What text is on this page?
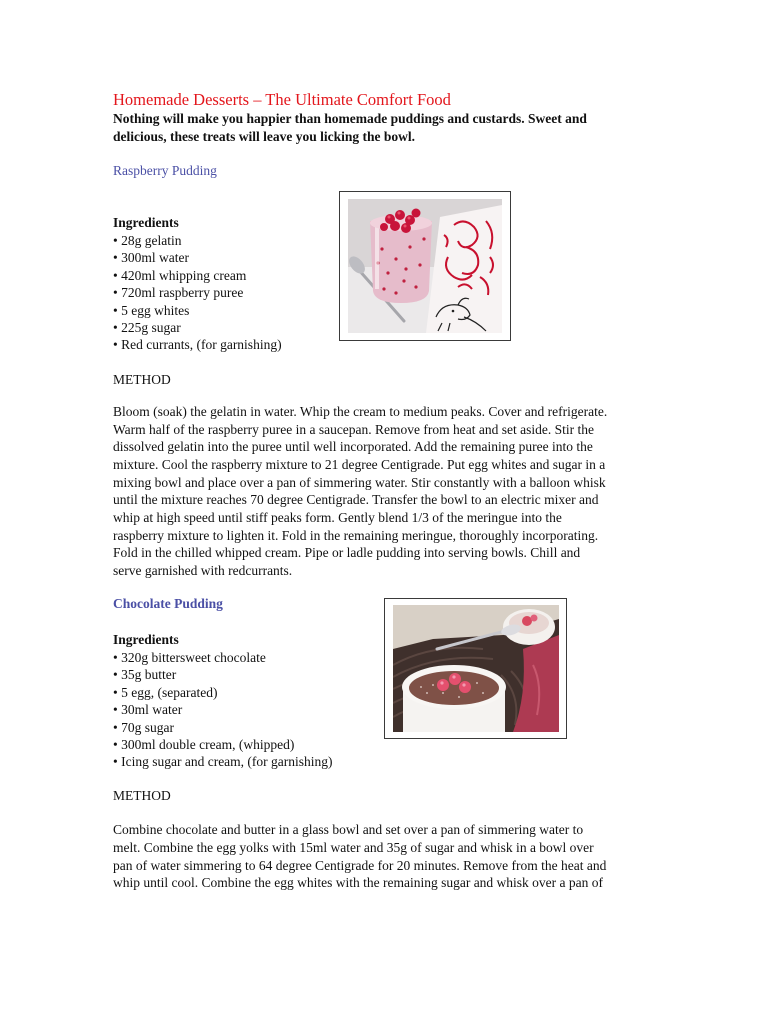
Homemade Desserts – The Ultimate Comfort Food
Nothing will make you happier than homemade puddings and custards. Sweet and
delicious, these treats will leave you licking the bowl.
Raspberry Pudding
Ingredients
• 28g gelatin
• 300ml water
• 420ml whipping cream
• 720ml raspberry puree
• 5 egg whites
• 225g sugar
• Red currants, (for garnishing)
METHOD
Bloom (soak) the gelatin in water. Whip the cream to medium peaks. Cover and refrigerate.
Warm half of the raspberry puree in a saucepan. Remove from heat and set aside. Stir the
dissolved gelatin into the puree until well incorporated. Add the remaining puree into the
mixture. Cool the raspberry mixture to 21 degree Centigrade. Put egg whites and sugar in a
mixing bowl and place over a pan of simmering water. Stir constantly with a balloon whisk
until the mixture reaches 70 degree Centigrade. Transfer the bowl to an electric mixer and
whip at high speed until stiff peaks form. Gently blend 1/3 of the meringue into the
raspberry mixture to lighten it. Fold in the remaining meringue, thoroughly incorporating.
Fold in the chilled whipped cream. Pipe or ladle pudding into serving bowls. Chill and
serve garnished with redcurrants.
Chocolate Pudding
Ingredients
• 320g bittersweet chocolate
• 35g butter
• 5 egg, (separated)
• 30ml water
• 70g sugar
• 300ml double cream, (whipped)
• Icing sugar and cream, (for garnishing)
METHOD
Combine chocolate and butter in a glass bowl and set over a pan of simmering water to
melt. Combine the egg yolks with 15ml water and 35g of sugar and whisk in a bowl over
pan of water simmering to 64 degree Centigrade for 20 minutes. Remove from the heat and
whip until cool. Combine the egg whites with the remaining sugar and whisk over a pan of
